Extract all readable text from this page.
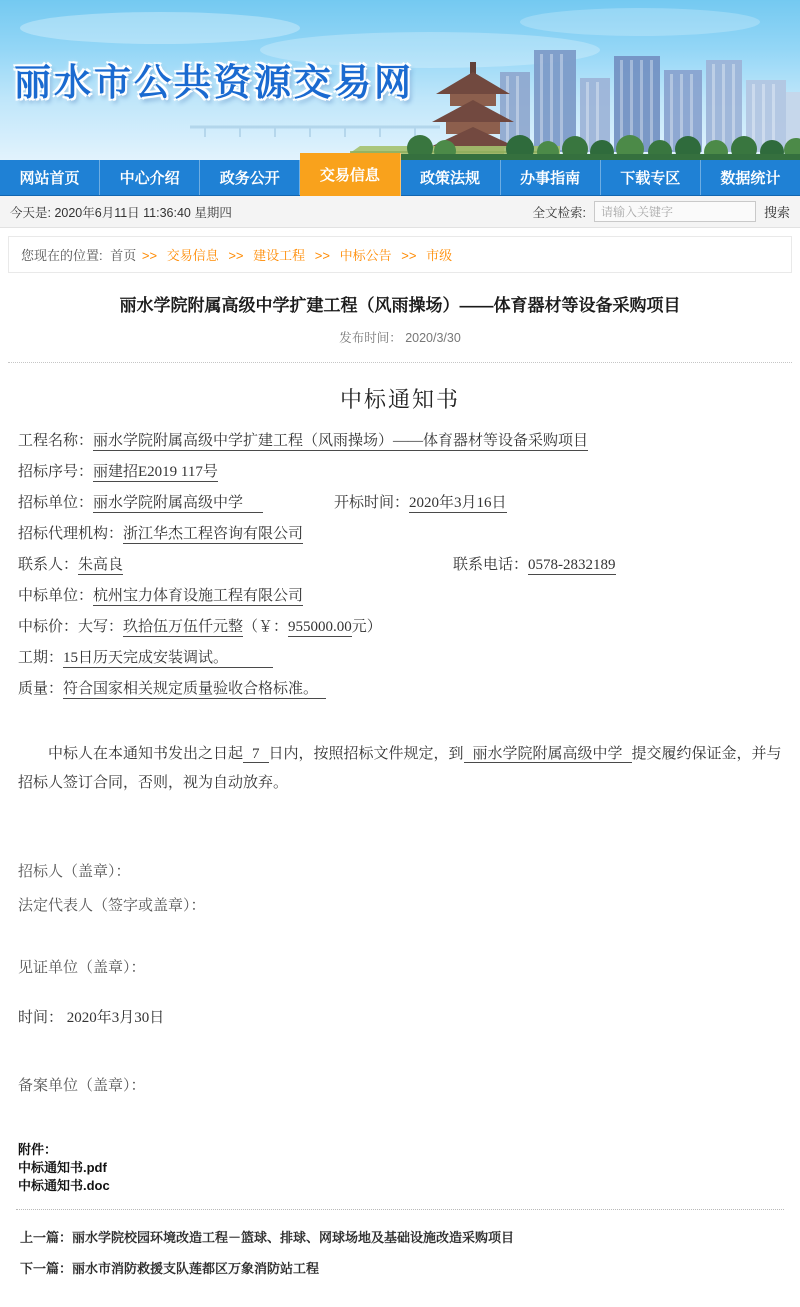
丽水市公共资源交易网
网站首页	中心介绍	政务公开	交易信息	政策法规	办事指南	下载专区	数据统计
今天是: 2020年6月11日 11:36:40 星期四	全文检索:
请输入关键字	搜索
您现在的位置: 首页 >> 交易信息 >> 建设工程 >> 中标公告 >> 市级
丽水学院附属高级中学扩建工程（风雨操场）——体育器材等设备采购项目
发布时间： 2020/3/30
中标通知书
工程名称：丽水学院附属高级中学扩建工程（风雨操场）——体育器材等设备采购项目
招标序号：丽建招E2019 117号
招标单位：丽水学院附属高级中学	开标时间：2020年3月16日
招标代理机构：浙江华杰工程咨询有限公司
联系人：朱高良	联系电话：0578-2832189
中标单位：杭州宝力体育设施工程有限公司
中标价：大写：玖拾伍万伍仟元整（￥：955000.00元）
工期：15日历天完成安装调试。
质量：符合国家相关规定质量验收合格标准。
中标人在本通知书发出之日起 7 日内，按照招标文件规定，到 丽水学院附属高级中学 提交履约保证金，并与招标人签订合同，否则，视为自动放弃。
招标人（盖章）：
法定代表人（签字或盖章）：
见证单位（盖章）：
时间： 2020年3月30日
备案单位（盖章）：
附件：
中标通知书.pdf
中标通知书.doc
上一篇：丽水学院校园环境改造工程－篮球、排球、网球场地及基础设施改造采购项目
下一篇：丽水市消防救援支队莲都区万象消防站工程
